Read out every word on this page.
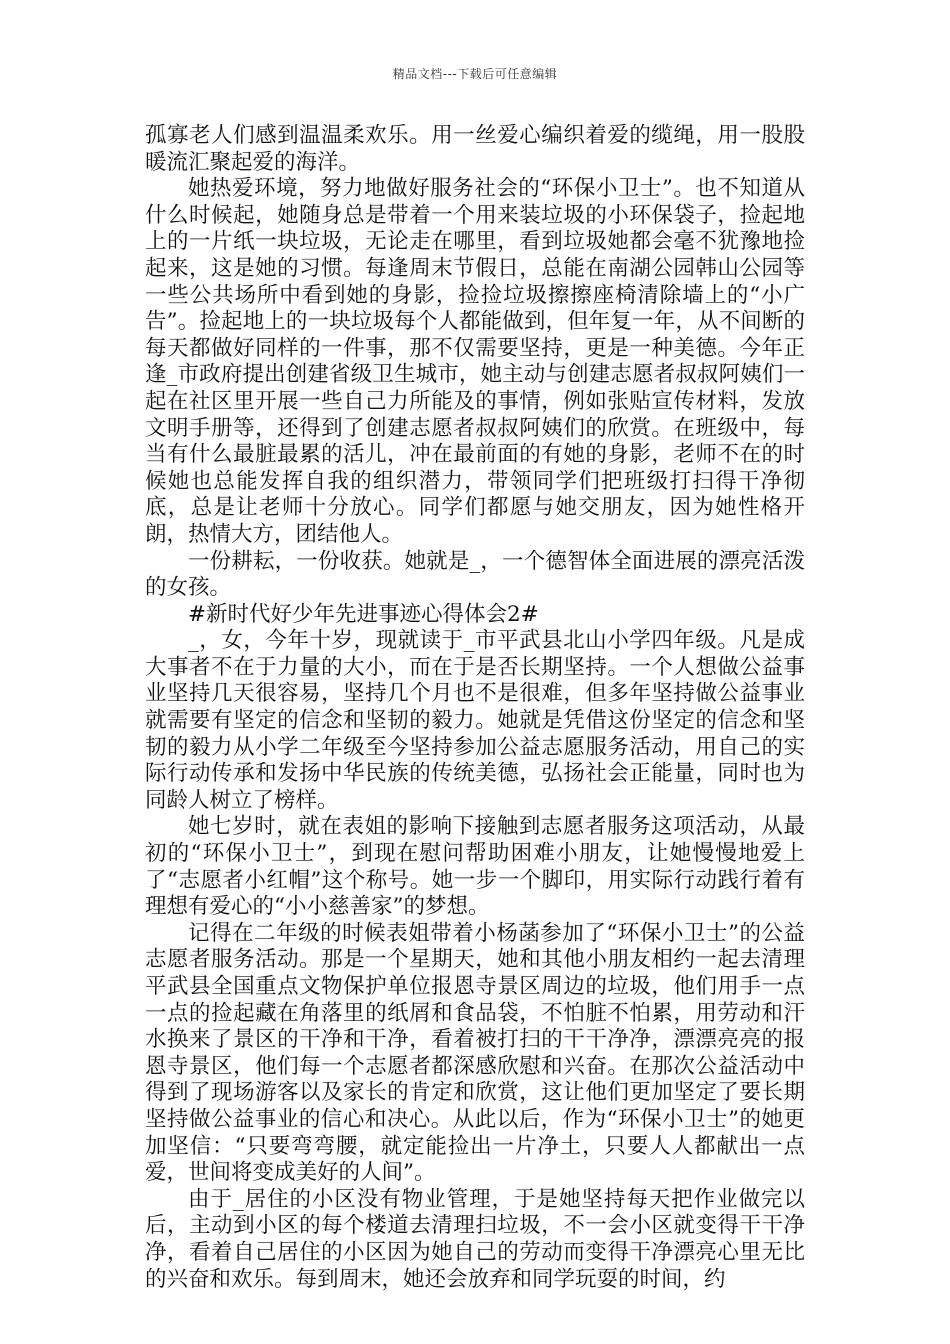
精品文档---下载后可任意编辑

孤寡老人们感到温温柔欢乐。用一丝爱心编织着爱的缆绳，用一股股暖流汇聚起爱的海洋。

她热爱环境，努力地做好服务社会的“环保小卫士”。也不知道从什么时候起，她随身总是带着一个用来装垃圾的小环保袋子，捡起地上的一片纸一块垃圾，无论走在哪里，看到垃圾她都会毫不犹豫地捡起来，这是她的习惯。每逢周末节假日，总能在南湖公园韩山公园等一些公共场所中看到她的身影，捡捡垃圾擦擦座椅清除墙上的“小广告”。捡起地上的一块垃圾每个人都能做到，但年复一年，从不间断的每天都做好同样的一件事，那不仅需要坚持，更是一种美德。今年正逢_市政府提出创建省级卫生城市，她主动与创建志愿者叔叔阿姨们一起在社区里开展一些自己力所能及的事情，例如张贴宣传材料，发放文明手册等，还得到了创建志愿者叔叔阿姨们的欣赏。在班级中，每当有什么最脏最累的活儿，冲在最前面的有她的身影，老师不在的时候她也总能发挥自我的组织潜力，带领同学们把班级打扫得干净彻底，总是让老师十分放心。同学们都愿与她交朋友，因为她性格开朗，热情大方，团结他人。

一份耕耘，一份收获。她就是_，一个德智体全面进展的漂亮活泼的女孩。

#新时代好少年先进事迹心得体会2#

_，女，今年十岁，现就读于_市平武县北山小学四年级。凡是成大事者不在于力量的大小，而在于是否长期坚持。一个人想做公益事业坚持几天很容易，坚持几个月也不是很难，但多年坚持做公益事业就需要有坚定的信念和坚韧的毅力。她就是凭借这份坚定的信念和坚韧的毅力从小学二年级至今坚持参加公益志愿服务活动，用自己的实际行动传承和发扬中华民族的传统美德，弘扬社会正能量，同时也为同龄人树立了榜样。

她七岁时，就在表姐的影响下接触到志愿者服务这项活动，从最初的“环保小卫士”，到现在慰问帮助困难小朋友，让她慢慢地爱上了“志愿者小红帽”这个称号。她一步一个脚印，用实际行动践行着有理想有爱心的“小小慈善家”的梦想。

记得在二年级的时候表姐带着小杨菡参加了“环保小卫士”的公益志愿者服务活动。那是一个星期天，她和其他小朋友相约一起去清理平武县全国重点文物保护单位报恩寺景区周边的垃圾，他们用手一点一点的捡起藏在角落里的纸屑和食品袋，不怕脏不怕累，用劳动和汗水换来了景区的干净和干净，看着被打扫的干干净净，漂漂亮亮的报恩寺景区，他们每一个志愿者都深感欣慰和兴奋。在那次公益活动中得到了现场游客以及家长的肯定和欣赏，这让他们更加坚定了要长期坚持做公益事业的信心和决心。从此以后，作为“环保小卫士”的她更加坚信：“只要弯弯腰，就定能捡出一片净土，只要人人都献出一点爱，世间将变成美好的人间”。

由于_居住的小区没有物业管理，于是她坚持每天把作业做完以后，主动到小区的每个楼道去清理扫垃圾，不一会小区就变得干干净净，看着自己居住的小区因为她自己的劳动而变得干净漂亮心里无比的兴奋和欢乐。每到周末，她还会放弃和同学玩耍的时间，约
